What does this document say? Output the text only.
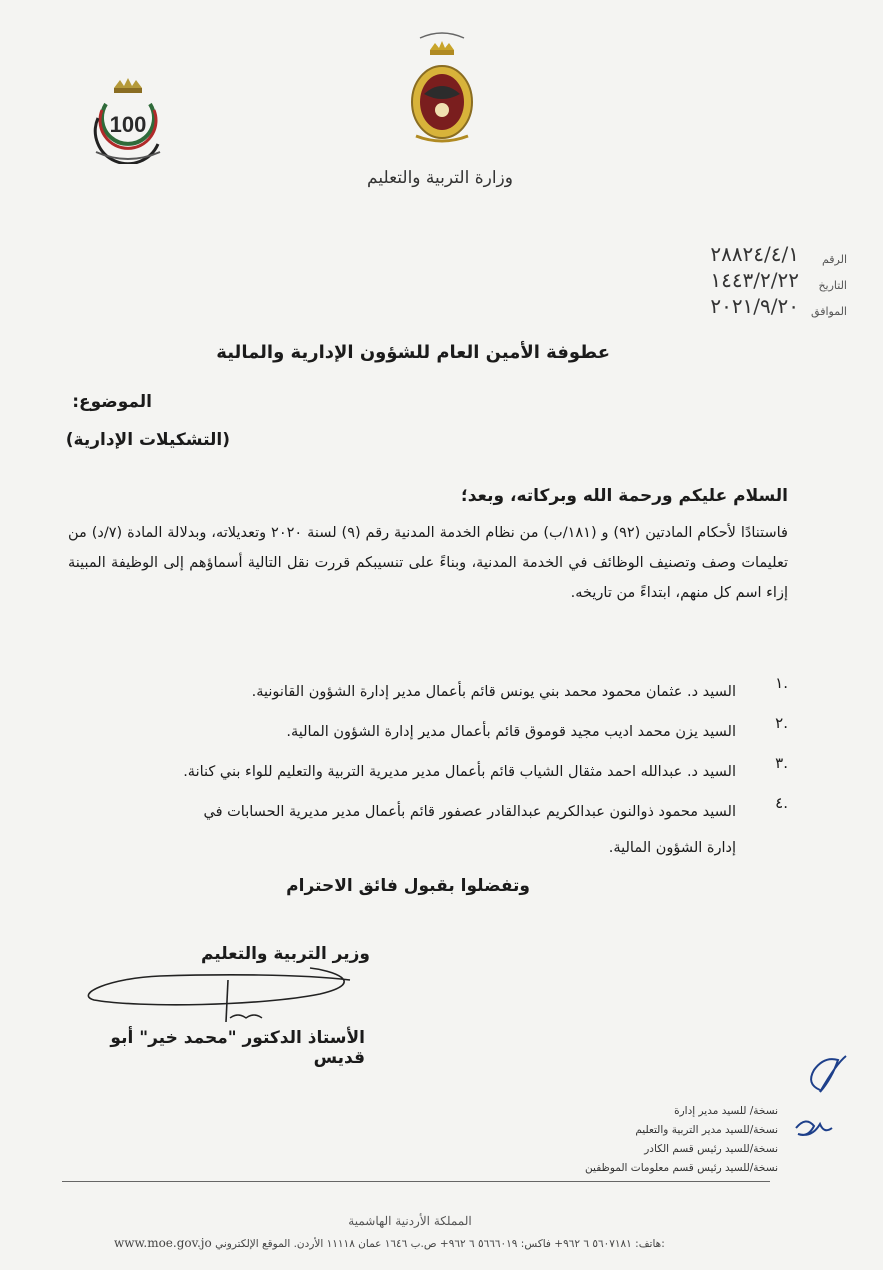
100
وزارة التربية والتعليم
الرقم
٢٨٨٢٤/٤/١
التاريخ
١٤٤٣/٢/٢٢
الموافق
٢٠٢١/٩/٢٠
عطوفة الأمين العام للشؤون الإدارية والمالية
الموضوع:
(التشكيلات الإدارية)
السلام عليكم ورحمة الله وبركاته، وبعد؛
فاستنادًا لأحكام المادتين (٩٢) و (١٨١/ب) من نظام الخدمة المدنية رقم (٩) لسنة ٢٠٢٠ وتعديلاته، وبدلالة المادة (٧/د) من تعليمات وصف وتصنيف الوظائف في الخدمة المدنية، وبناءً على تنسيبكم قررت نقل التالية أسماؤهم إلى الوظيفة المبينة إزاء اسم كل منهم، ابتداءً من تاريخه.
.١
السيد د. عثمان محمود محمد بني يونس قائم بأعمال مدير إدارة الشؤون القانونية.
.٢
السيد يزن محمد اديب مجيد قوموق قائم بأعمال مدير إدارة الشؤون المالية.
.٣
السيد د. عبدالله احمد مثقال الشياب قائم بأعمال مدير مديرية التربية والتعليم للواء بني كنانة.
.٤
السيد محمود ذوالنون عبدالكريم عبدالقادر عصفور قائم بأعمال مدير مديرية الحسابات في
إدارة الشؤون المالية.
وتفضلوا بقبول فائق الاحترام
وزير التربية والتعليم
الأستاذ الدكتور "محمد خير" أبو قديس
نسخة/ للسيد مدير إدارة
نسخة/للسيد مدير التربية والتعليم
نسخة/للسيد رئيس قسم الكادر
نسخة/للسيد رئيس قسم معلومات الموظفين
المملكة الأردنية الهاشمية
www.moe.gov.jo هاتف: ٥٦٠٧١٨١ ٦ ٩٦٢+ فاكس: ٥٦٦٦٠١٩ ٦ ٩٦٢+ ص.ب ١٦٤٦ عمان ١١١١٨ الأردن. الموقع الإلكتروني:
